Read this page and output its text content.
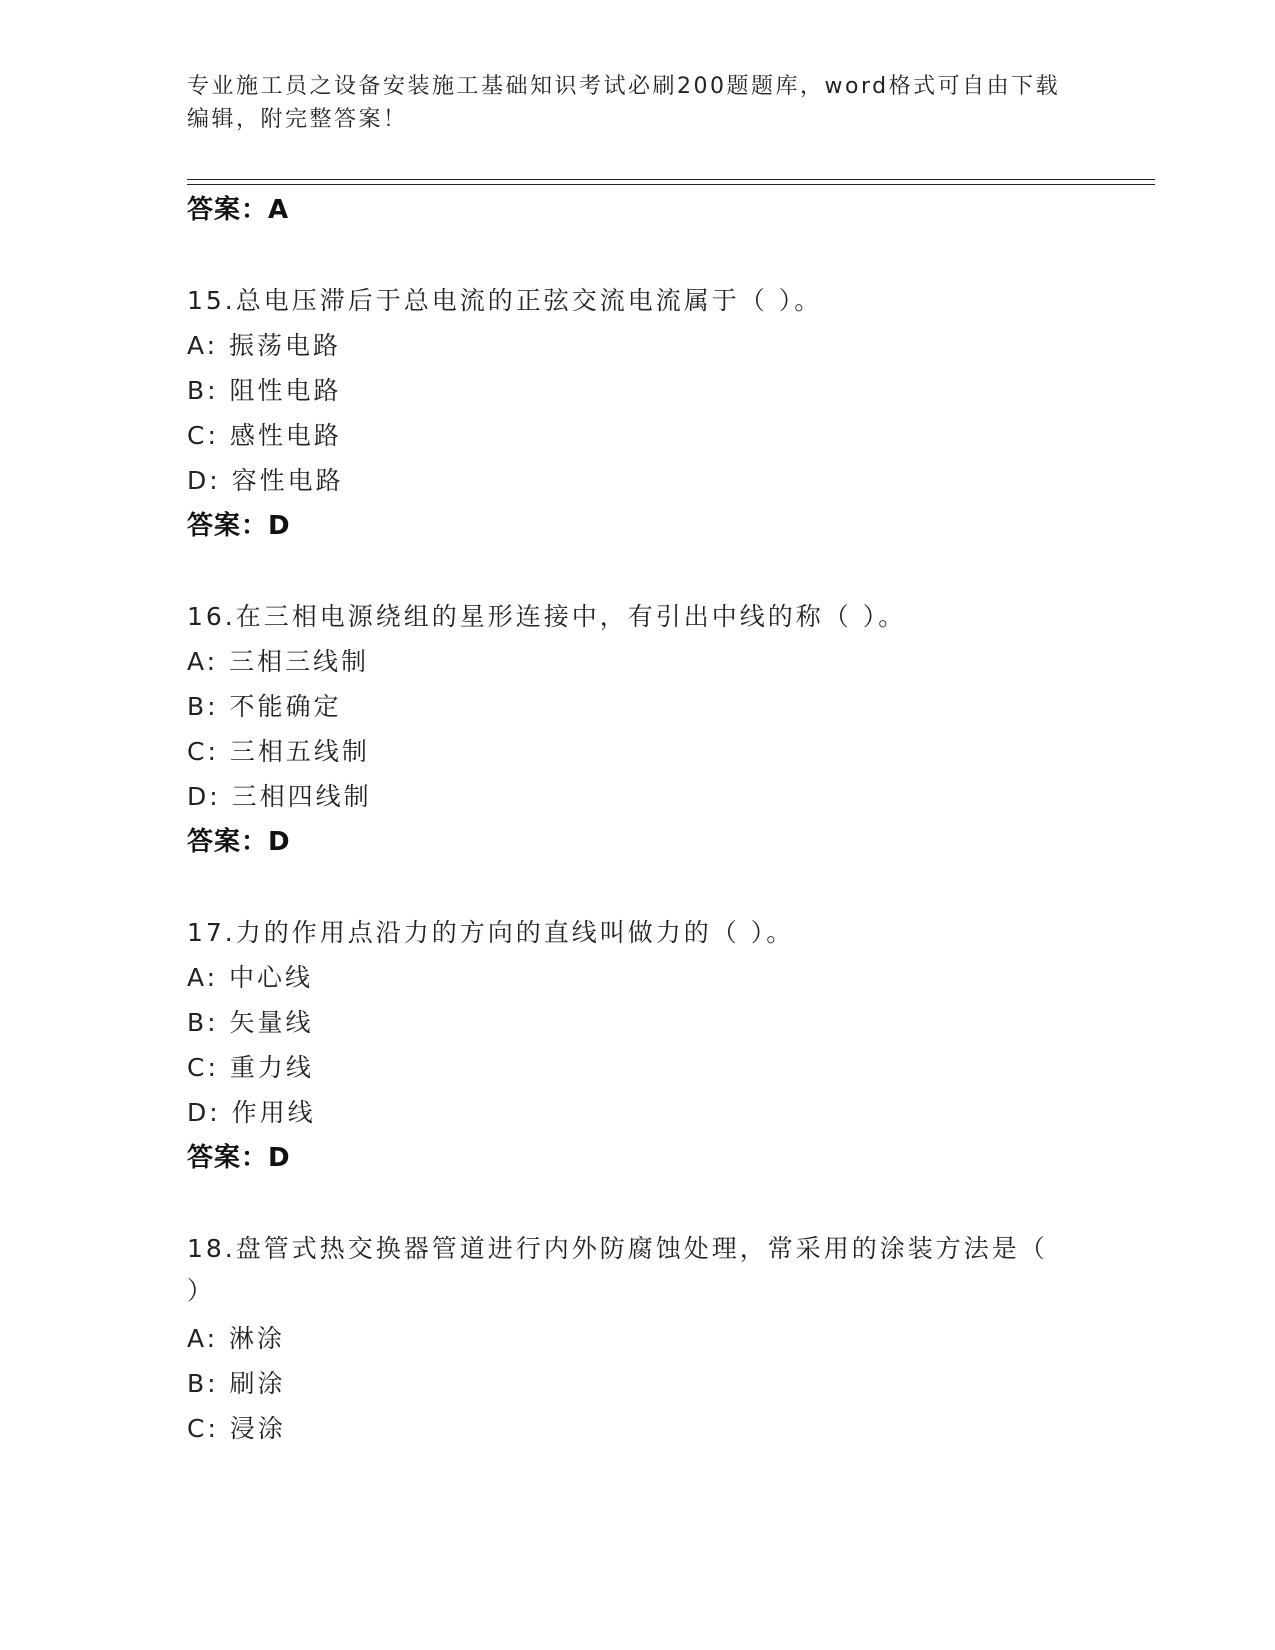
专业施工员之设备安装施工基础知识考试必刷200题题库，word格式可自由下载
编辑，附完整答案！
答案：A
15.总电压滞后于总电流的正弦交流电流属于（ ）。
A: 振荡电路
B: 阻性电路
C: 感性电路
D: 容性电路
答案：D
16.在三相电源绕组的星形连接中，有引出中线的称（ ）。
A: 三相三线制
B: 不能确定
C: 三相五线制
D: 三相四线制
答案：D
17.力的作用点沿力的方向的直线叫做力的（ ）。
A: 中心线
B: 矢量线
C: 重力线
D: 作用线
答案：D
18.盘管式热交换器管道进行内外防腐蚀处理，常采用的涂装方法是（
）
A: 淋涂
B: 刷涂
C: 浸涂
